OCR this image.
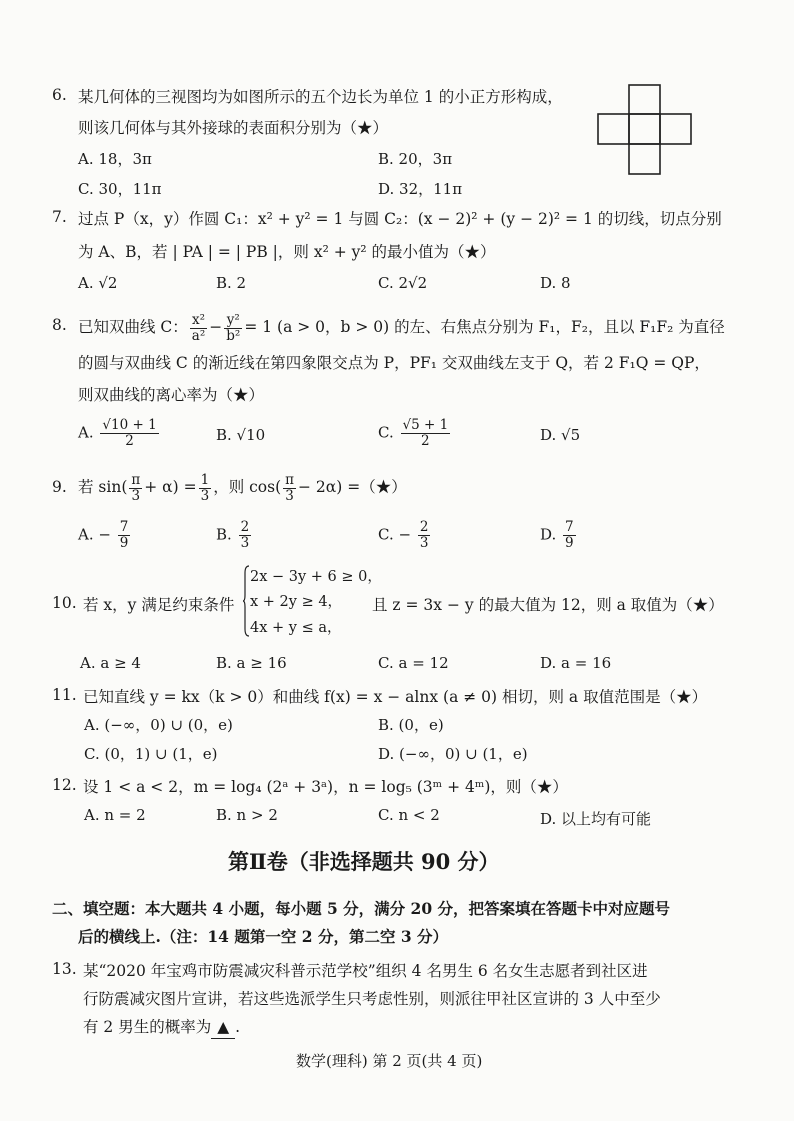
6. 某几何体的三视图均为如图所示的五个边长为单位 1 的小正方形构成，
则该几何体与其外接球的表面积分别为（★）
A. 18，3π	B. 20，3π
C. 30，11π	D. 32，11π
7. 过点 P（x，y）作圆 C₁：x² + y² = 1 与圆 C₂：(x − 2)² + (y − 2)² = 1 的切线，切点分别
为 A、B，若 | PA | = | PB |，则 x² + y² 的最小值为（★）
A. √2	B. 2	C. 2√2	D. 8
8. 已知双曲线 C： $\frac{\text{x²}}{\text{a²}} - \frac{\text{y²}}{\text{b²}} = 1$ (a > 0，b > 0) 的左、右焦点分别为 F₁，F₂，且以 F₁F₂ 为直径
的圆与双曲线 C 的渐近线在第四象限交点为 P，PF₁ 交双曲线左支于 Q，若 2 F₁Q = QP，
则双曲线的离心率为（★）
A. $\frac{√10 + 1}{2}$	B. √10	C. $\frac{√5 + 1}{2}$	D. √5
9. 若 $\sin( \frac{\pi}{3} + \alpha) = \frac{1}{3}$ ，则 $\cos( \frac{\pi}{3} - 2\alpha)$ =（★）
A. − $\frac{7}{9}$	B. $\frac{2}{3}$	C. − $\frac{2}{3}$	D. $\frac{7}{9}$
10. 若 x，y 满足约束条件
2x − 3y + 6 ≥ 0，
x + 2y ≥ 4，
4x + y ≤ a，
且 z = 3x − y 的最大值为 12，则 a 取值为（★）
A. a ≥ 4	B. a ≥ 16	C. a = 12	D. a = 16
11. 已知直线 y = kx（k > 0）和曲线 f(x) = x − alnx (a ≠ 0) 相切，则 a 取值范围是（★）
A. (−∞，0) ∪ (0，e)	B. (0，e)
C. (0，1) ∪ (1，e)	D. (−∞，0) ∪ (1，e)
12. 设 1 < a < 2，m = log₄ (2ᵃ + 3ᵃ)，n = log₅ (3ᵐ + 4ᵐ)，则（★）
A. n = 2	B. n > 2	C. n < 2	D. 以上均有可能
第Ⅱ卷（非选择题共 90 分）
二、填空题：本大题共 4 小题，每小题 5 分，满分 20 分，把答案填在答题卡中对应题号
后的横线上.（注：14 题第一空 2 分，第二空 3 分）
13. 某“2020 年宝鸡市防震减灾科普示范学校”组织 4 名男生 6 名女生志愿者到社区进
行防震减灾图片宣讲，若这些选派学生只考虑性别，则派往甲社区宣讲的 3 人中至少
有 2 男生的概率为 ▲ .
数学(理科) 第 2 页(共 4 页)
